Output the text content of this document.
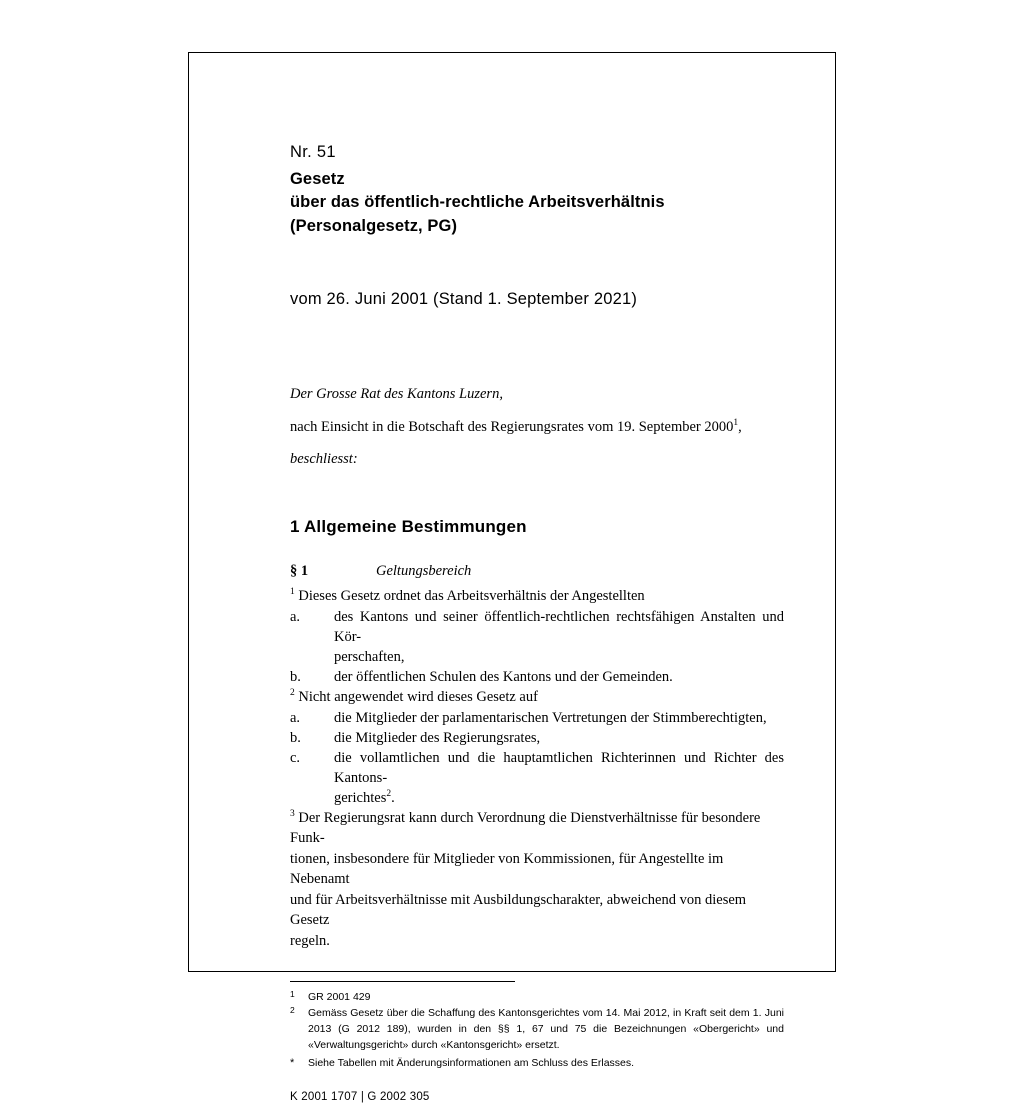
Nr. 51
Gesetz
über das öffentlich-rechtliche Arbeitsverhältnis
(Personalgesetz, PG)
vom 26. Juni 2001 (Stand 1. September 2021)

Der Grosse Rat des Kantons Luzern,

nach Einsicht in die Botschaft des Regierungsrates vom 19. September 2000$^1$,

beschliesst:

1 Allgemeine Bestimmungen
§ 1	Geltungsbereich

$^1$ Dieses Gesetz ordnet das Arbeitsverhältnis der Angestellten

a.	des Kantons und seiner öffentlich-rechtlichen rechtsfähigen Anstalten und Kör-
perschaften,
b.	der öffentlichen Schulen des Kantons und der Gemeinden.

$^2$ Nicht angewendet wird dieses Gesetz auf

a.	die Mitglieder der parlamentarischen Vertretungen der Stimmberechtigten,
b.	die Mitglieder des Regierungsrates,
c.	die vollamtlichen und die hauptamtlichen Richterinnen und Richter des Kantons-
gerichtes$^2$.

$^3$ Der Regierungsrat kann durch Verordnung die Dienstverhältnisse für besondere Funk-

tionen, insbesondere für Mitglieder von Kommissionen, für Angestellte im Nebenamt

und für Arbeitsverhältnisse mit Ausbildungscharakter, abweichend von diesem Gesetz

regeln.

1	GR 2001 429
2	Gemäss Gesetz über die Schaffung des Kantonsgerichtes vom 14. Mai 2012, in Kraft seit dem 1. Juni 2013 (G 2012 189), wurden in den §§ 1, 67 und 75 die Bezeichnungen «Obergericht» und «Verwaltungsgericht» durch «Kantonsgericht» ersetzt.
*	Siehe Tabellen mit Änderungsinformationen am Schluss des Erlasses.
K 2001 1707 | G 2002 305
